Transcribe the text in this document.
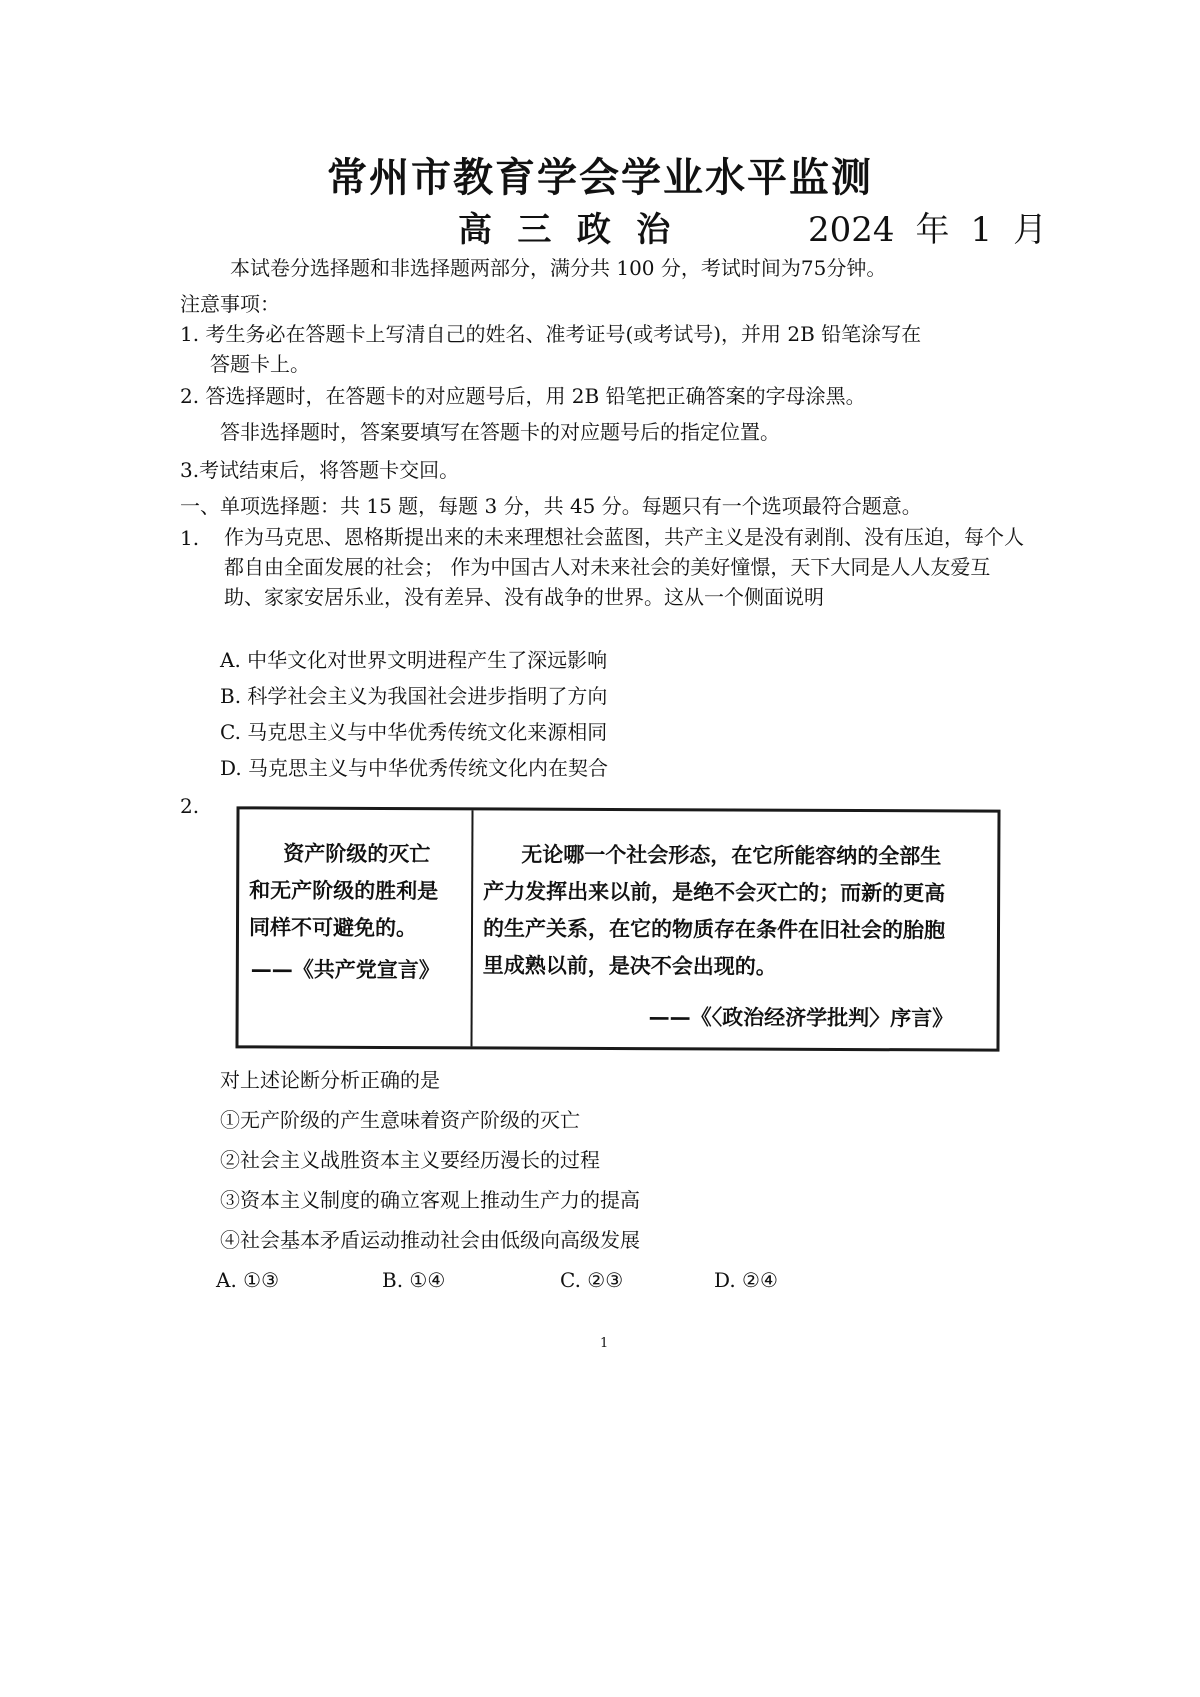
常州市教育学会学业水平监测
高 三 政 治	2024 年 1 月
本试卷分选择题和非选择题两部分，满分共 100 分，考试时间为75分钟。
注意事项：
1. 考生务必在答题卡上写清自己的姓名、准考证号(或考试号)，并用 2B 铅笔涂写在
答题卡上。
2. 答选择题时，在答题卡的对应题号后，用 2B 铅笔把正确答案的字母涂黑。
答非选择题时，答案要填写在答题卡的对应题号后的指定位置。
3.考试结束后，将答题卡交回。
一、单项选择题：共 15 题，每题 3 分，共 45 分。每题只有一个选项最符合题意。
1. 作为马克思、恩格斯提出来的未来理想社会蓝图，共产主义是没有剥削、没有压迫，每个人都自由全面发展的社会； 作为中国古人对未来社会的美好憧憬，天下大同是人人友爱互助、家家安居乐业，没有差异、没有战争的世界。这从一个侧面说明

A. 中华文化对世界文明进程产生了深远影响
B. 科学社会主义为我国社会进步指明了方向
C. 马克思主义与中华优秀传统文化来源相同
D. 马克思主义与中华优秀传统文化内在契合
2.
资产阶级的灭亡
和无产阶级的胜利是
同样不可避免的。
——《共产党宣言》
无论哪一个社会形态，在它所能容纳的全部生
产力发挥出来以前，是绝不会灭亡的；而新的更高
的生产关系，在它的物质存在条件在旧社会的胎胞
里成熟以前，是决不会出现的。
——《〈政治经济学批判〉序言》
对上述论断分析正确的是
①无产阶级的产生意味着资产阶级的灭亡
②社会主义战胜资本主义要经历漫长的过程
③资本主义制度的确立客观上推动生产力的提高
④社会基本矛盾运动推动社会由低级向高级发展
A. ①③	B. ①④	C. ②③	D. ②④
1
